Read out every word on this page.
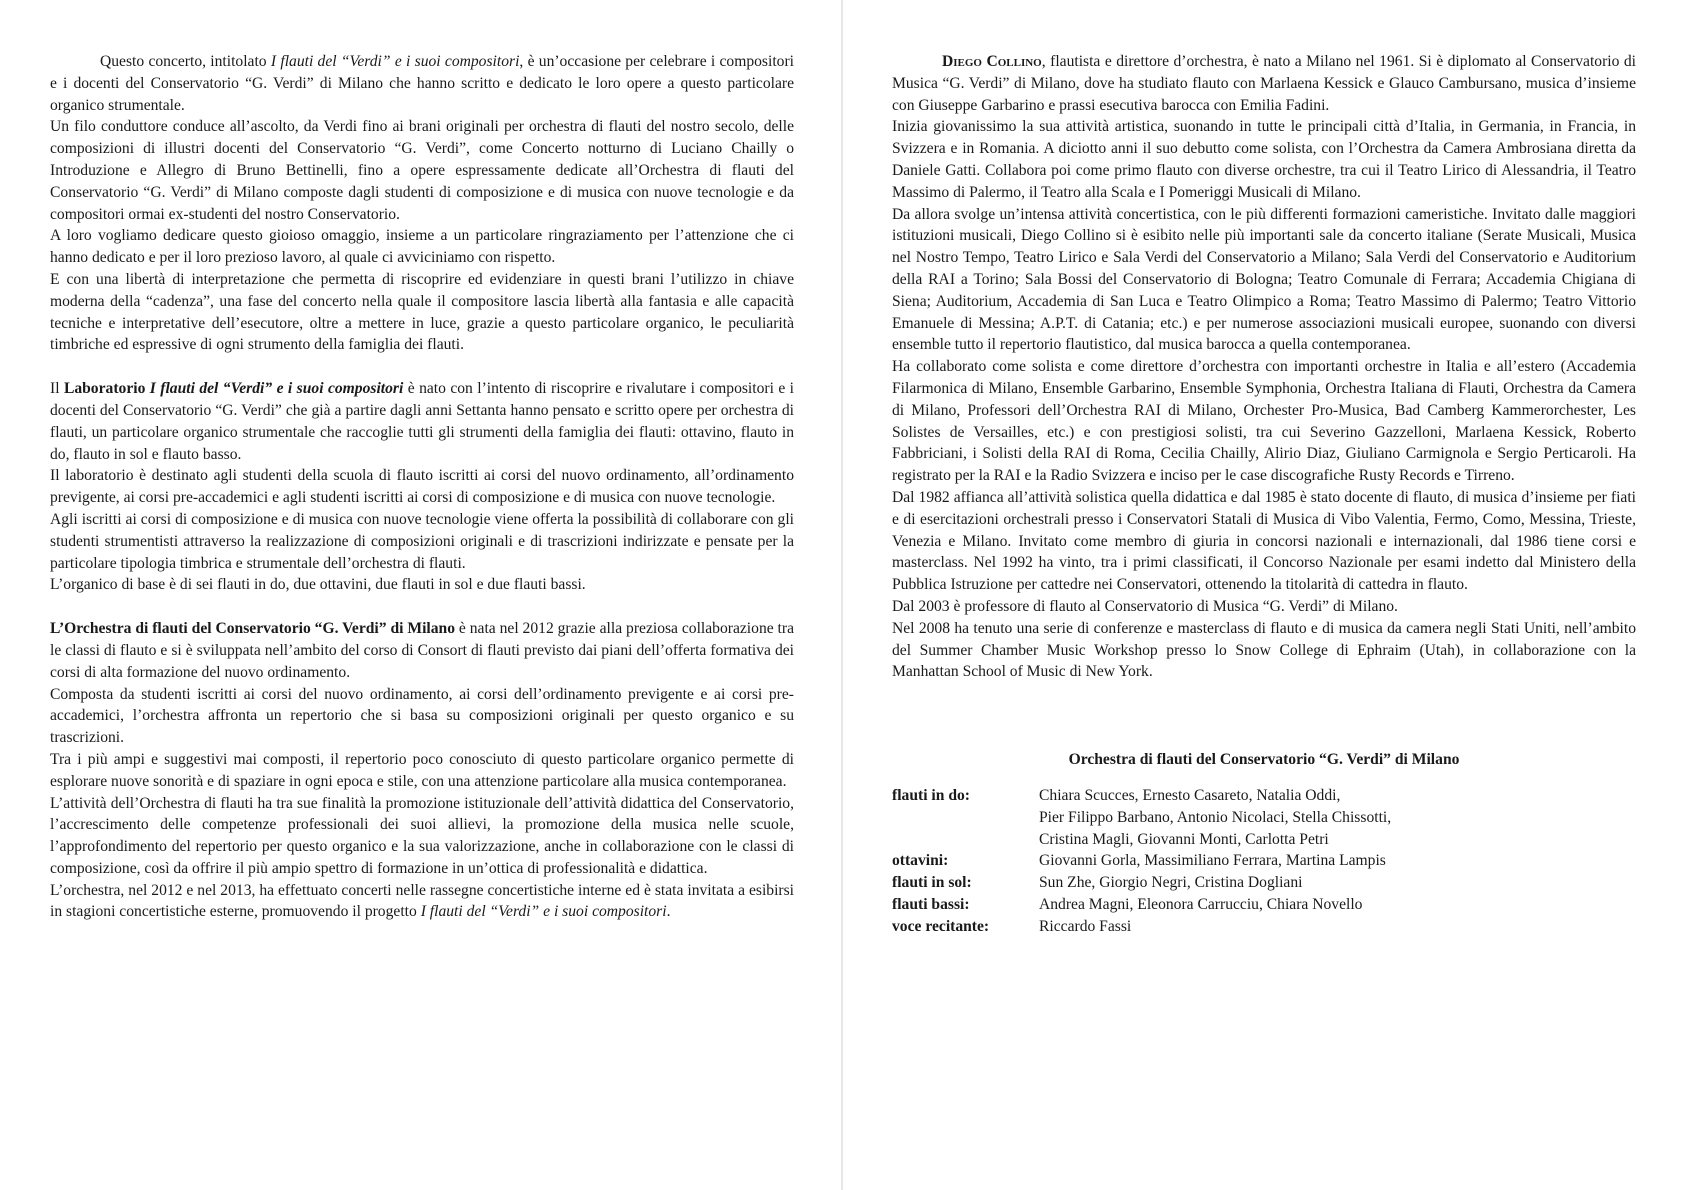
Questo concerto, intitolato I flauti del “Verdi” e i suoi compositori, è un’occasione per celebrare i compositori e i docenti del Conservatorio “G. Verdi” di Milano che hanno scritto e dedicato le loro opere a questo particolare organico strumentale.

Un filo conduttore conduce all’ascolto, da Verdi fino ai brani originali per orchestra di flauti del nostro secolo, delle composizioni di illustri docenti del Conservatorio “G. Verdi”, come Concerto notturno di Luciano Chailly o Introduzione e Allegro di Bruno Bettinelli, fino a opere espressamente dedicate all’Orchestra di flauti del Conservatorio “G. Verdi” di Milano composte dagli studenti di composizione e di musica con nuove tecnologie e da compositori ormai ex-studenti del nostro Conservatorio.

A loro vogliamo dedicare questo gioioso omaggio, insieme a un particolare ringraziamento per l’attenzione che ci hanno dedicato e per il loro prezioso lavoro, al quale ci avviciniamo con rispetto.

E con una libertà di interpretazione che permetta di riscoprire ed evidenziare in questi brani l’utilizzo in chiave moderna della “cadenza”, una fase del concerto nella quale il compositore lascia libertà alla fantasia e alle capacità tecniche e interpretative dell’esecutore, oltre a mettere in luce, grazie a questo particolare organico, le peculiarità timbriche ed espressive di ogni strumento della famiglia dei flauti.

Il Laboratorio I flauti del “Verdi” e i suoi compositori è nato con l’intento di riscoprire e rivalutare i compositori e i docenti del Conservatorio “G. Verdi” che già a partire dagli anni Settanta hanno pensato e scritto opere per orchestra di flauti, un particolare organico strumentale che raccoglie tutti gli strumenti della famiglia dei flauti: ottavino, flauto in do, flauto in sol e flauto basso.

Il laboratorio è destinato agli studenti della scuola di flauto iscritti ai corsi del nuovo ordinamento, all’ordinamento previgente, ai corsi pre-accademici e agli studenti iscritti ai corsi di composizione e di musica con nuove tecnologie.

Agli iscritti ai corsi di composizione e di musica con nuove tecnologie viene offerta la possibilità di collaborare con gli studenti strumentisti attraverso la realizzazione di composizioni originali e di trascrizioni indirizzate e pensate per la particolare tipologia timbrica e strumentale dell’orchestra di flauti.

L’organico di base è di sei flauti in do, due ottavini, due flauti in sol e due flauti bassi.

L’Orchestra di flauti del Conservatorio “G. Verdi” di Milano è nata nel 2012 grazie alla preziosa collaborazione tra le classi di flauto e si è sviluppata nell’ambito del corso di Consort di flauti previsto dai piani dell’offerta formativa dei corsi di alta formazione del nuovo ordinamento.

Composta da studenti iscritti ai corsi del nuovo ordinamento, ai corsi dell’ordinamento previgente e ai corsi pre-accademici, l’orchestra affronta un repertorio che si basa su composizioni originali per questo organico e su trascrizioni.

Tra i più ampi e suggestivi mai composti, il repertorio poco conosciuto di questo particolare organico permette di esplorare nuove sonorità e di spaziare in ogni epoca e stile, con una attenzione particolare alla musica contemporanea.

L’attività dell’Orchestra di flauti ha tra sue finalità la promozione istituzionale dell’attività didattica del Conservatorio, l’accrescimento delle competenze professionali dei suoi allievi, la promozione della musica nelle scuole, l’approfondimento del repertorio per questo organico e la sua valorizzazione, anche in collaborazione con le classi di composizione, così da offrire il più ampio spettro di formazione in un’ottica di professionalità e didattica.

L’orchestra, nel 2012 e nel 2013, ha effettuato concerti nelle rassegne concertistiche interne ed è stata invitata a esibirsi in stagioni concertistiche esterne, promuovendo il progetto I flauti del “Verdi” e i suoi compositori.

Diego Collino, flautista e direttore d’orchestra, è nato a Milano nel 1961. Si è diplomato al Conservatorio di Musica “G. Verdi” di Milano, dove ha studiato flauto con Marlaena Kessick e Glauco Cambursano, musica d’insieme con Giuseppe Garbarino e prassi esecutiva barocca con Emilia Fadini.

Inizia giovanissimo la sua attività artistica, suonando in tutte le principali città d’Italia, in Germania, in Francia, in Svizzera e in Romania. A diciotto anni il suo debutto come solista, con l’Orchestra da Camera Ambrosiana diretta da Daniele Gatti. Collabora poi come primo flauto con diverse orchestre, tra cui il Teatro Lirico di Alessandria, il Teatro Massimo di Palermo, il Teatro alla Scala e I Pomeriggi Musicali di Milano.

Da allora svolge un’intensa attività concertistica, con le più differenti formazioni cameristiche. Invitato dalle maggiori istituzioni musicali, Diego Collino si è esibito nelle più importanti sale da concerto italiane (Serate Musicali, Musica nel Nostro Tempo, Teatro Lirico e Sala Verdi del Conservatorio a Milano; Sala Verdi del Conservatorio e Auditorium della RAI a Torino; Sala Bossi del Conservatorio di Bologna; Teatro Comunale di Ferrara; Accademia Chigiana di Siena; Auditorium, Accademia di San Luca e Teatro Olimpico a Roma; Teatro Massimo di Palermo; Teatro Vittorio Emanuele di Messina; A.P.T. di Catania; etc.) e per numerose associazioni musicali europee, suonando con diversi ensemble tutto il repertorio flautistico, dal musica barocca a quella contemporanea.

Ha collaborato come solista e come direttore d’orchestra con importanti orchestre in Italia e all’estero (Accademia Filarmonica di Milano, Ensemble Garbarino, Ensemble Symphonia, Orchestra Italiana di Flauti, Orchestra da Camera di Milano, Professori dell’Orchestra RAI di Milano, Orchester Pro-Musica, Bad Camberg Kammerorchester, Les Solistes de Versailles, etc.) e con prestigiosi solisti, tra cui Severino Gazzelloni, Marlaena Kessick, Roberto Fabbriciani, i Solisti della RAI di Roma, Cecilia Chailly, Alirio Diaz, Giuliano Carmignola e Sergio Perticaroli. Ha registrato per la RAI e la Radio Svizzera e inciso per le case discografiche Rusty Records e Tirreno.

Dal 1982 affianca all’attività solistica quella didattica e dal 1985 è stato docente di flauto, di musica d’insieme per fiati e di esercitazioni orchestrali presso i Conservatori Statali di Musica di Vibo Valentia, Fermo, Como, Messina, Trieste, Venezia e Milano. Invitato come membro di giuria in concorsi nazionali e internazionali, dal 1986 tiene corsi e masterclass. Nel 1992 ha vinto, tra i primi classificati, il Concorso Nazionale per esami indetto dal Ministero della Pubblica Istruzione per cattedre nei Conservatori, ottenendo la titolarità di cattedra in flauto.

Dal 2003 è professore di flauto al Conservatorio di Musica “G. Verdi” di Milano.

Nel 2008 ha tenuto una serie di conferenze e masterclass di flauto e di musica da camera negli Stati Uniti, nell’ambito del Summer Chamber Music Workshop presso lo Snow College di Ephraim (Utah), in collaborazione con la Manhattan School of Music di New York.

Orchestra di flauti del Conservatorio “G. Verdi” di Milano

flauti in do:	Chiara Scucces, Ernesto Casareto, Natalia Oddi,
Pier Filippo Barbano, Antonio Nicolaci, Stella Chissotti,
Cristina Magli, Giovanni Monti, Carlotta Petri
ottavini:	Giovanni Gorla, Massimiliano Ferrara, Martina Lampis
flauti in sol:	Sun Zhe, Giorgio Negri, Cristina Dogliani
flauti bassi:	Andrea Magni, Eleonora Carrucciu, Chiara Novello
voce recitante:	Riccardo Fassi
